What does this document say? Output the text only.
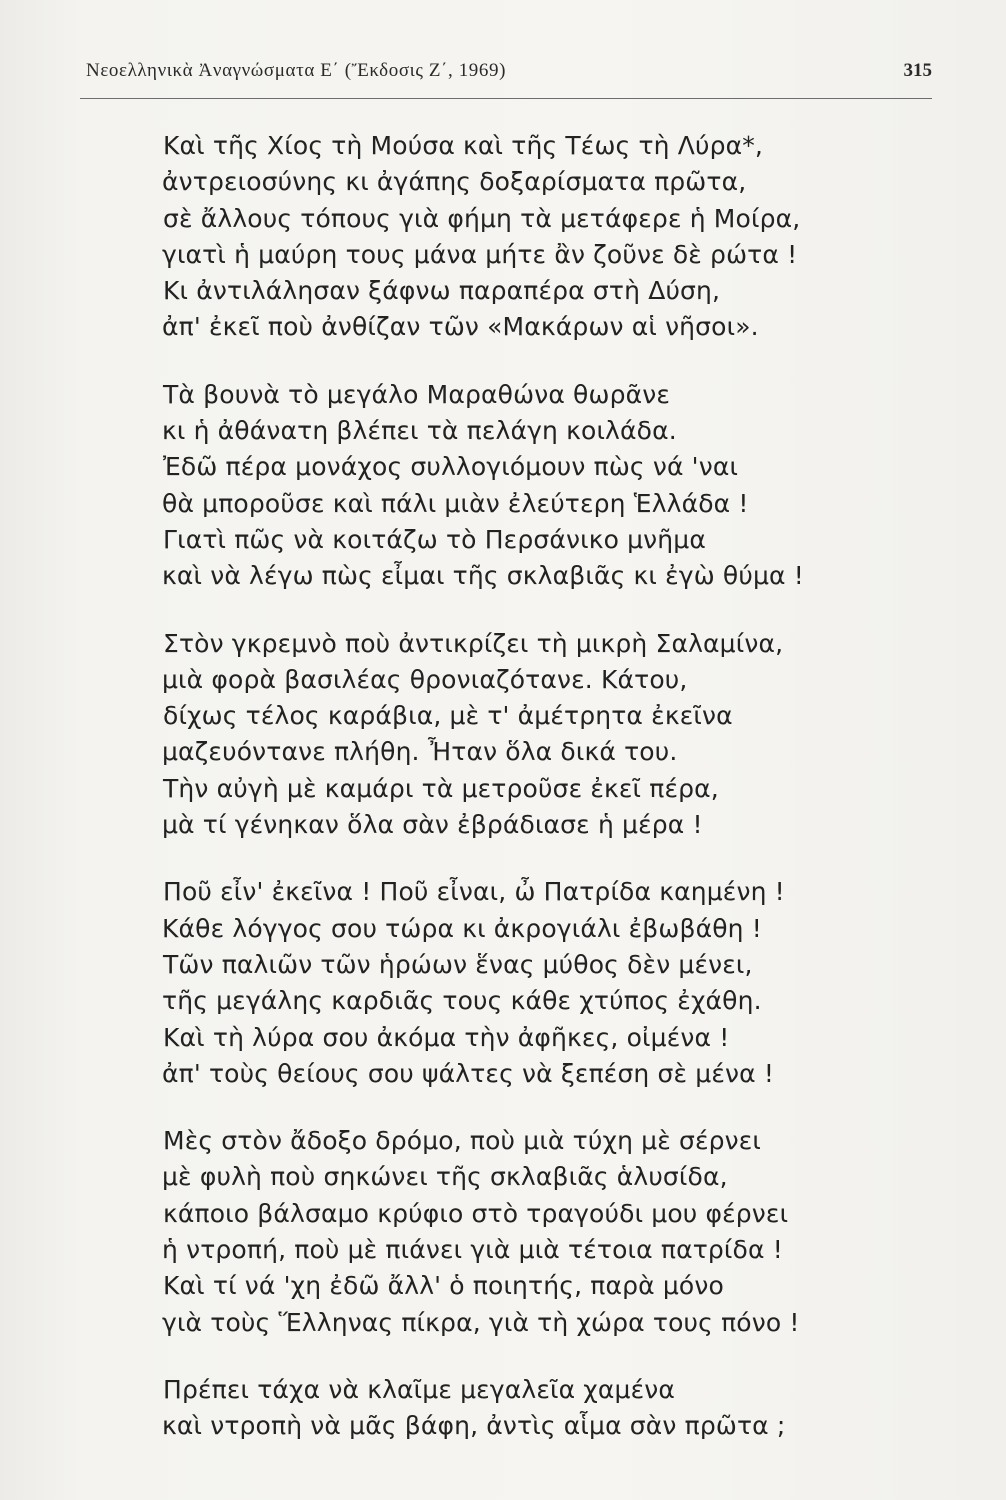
Νεοελληνικὰ Ἀναγνώσματα Ε΄ (Ἔκδοσις Ζ΄, 1969)	315
Καὶ τῆς Χίος τὴ Μούσα καὶ τῆς Τέως τὴ Λύρα*,
ἀντρειοσύνης κι ἀγάπης δοξαρίσματα πρῶτα,
σὲ ἄλλους τόπους γιὰ φήμη τὰ μετάφερε ἡ Μοίρα,
γιατὶ ἡ μαύρη τους μάνα μήτε ἂν ζοῦνε δὲ ρώτα !
Κι ἀντιλάλησαν ξάφνω παραπέρα στὴ Δύση,
ἀπ' ἐκεῖ ποὺ ἀνθίζαν τῶν «Μακάρων αἱ νῆσοι».
Τὰ βουνὰ τὸ μεγάλο Μαραθώνα θωρᾶνε
κι ἡ ἀθάνατη βλέπει τὰ πελάγη κοιλάδα.
Ἐδῶ πέρα μονάχος συλλογιόμουν πὼς νά 'ναι
θὰ μποροῦσε καὶ πάλι μιὰν ἐλεύτερη Ἑλλάδα !
Γιατὶ πῶς νὰ κοιτάζω τὸ Περσάνικο μνῆμα
καὶ νὰ λέγω πὼς εἶμαι τῆς σκλαβιᾶς κι ἐγὼ θύμα !
Στὸν γκρεμνὸ ποὺ ἀντικρίζει τὴ μικρὴ Σαλαμίνα,
μιὰ φορὰ βασιλέας θρονιαζότανε. Κάτου,
δίχως τέλος καράβια, μὲ τ' ἀμέτρητα ἐκεῖνα
μαζευόντανε πλήθη. Ἦταν ὅλα δικά του.
Τὴν αὐγὴ μὲ καμάρι τὰ μετροῦσε ἐκεῖ πέρα,
μὰ τί γένηκαν ὅλα σὰν ἐβράδιασε ἡ μέρα !
Ποῦ εἶν' ἐκεῖνα ! Ποῦ εἶναι, ὦ Πατρίδα καημένη !
Κάθε λόγγος σου τώρα κι ἀκρογιάλι ἐβωβάθη !
Τῶν παλιῶν τῶν ἡρώων ἕνας μύθος δὲν μένει,
τῆς μεγάλης καρδιᾶς τους κάθε χτύπος ἐχάθη.
Καὶ τὴ λύρα σου ἀκόμα τὴν ἀφῆκες, οἰμένα !
ἀπ' τοὺς θείους σου ψάλτες νὰ ξεπέση σὲ μένα !
Μὲς στὸν ἄδοξο δρόμο, ποὺ μιὰ τύχη μὲ σέρνει
μὲ φυλὴ ποὺ σηκώνει τῆς σκλαβιᾶς ἁλυσίδα,
κάποιο βάλσαμο κρύφιο στὸ τραγούδι μου φέρνει
ἡ ντροπή, ποὺ μὲ πιάνει γιὰ μιὰ τέτοια πατρίδα !
Καὶ τί νά 'χη ἐδῶ ἄλλ' ὁ ποιητής, παρὰ μόνο
γιὰ τοὺς Ἕλληνας πίκρα, γιὰ τὴ χώρα τους πόνο !
Πρέπει τάχα νὰ κλαῖμε μεγαλεῖα χαμένα
καὶ ντροπὴ νὰ μᾶς βάφη, ἀντὶς αἷμα σὰν πρῶτα ;
